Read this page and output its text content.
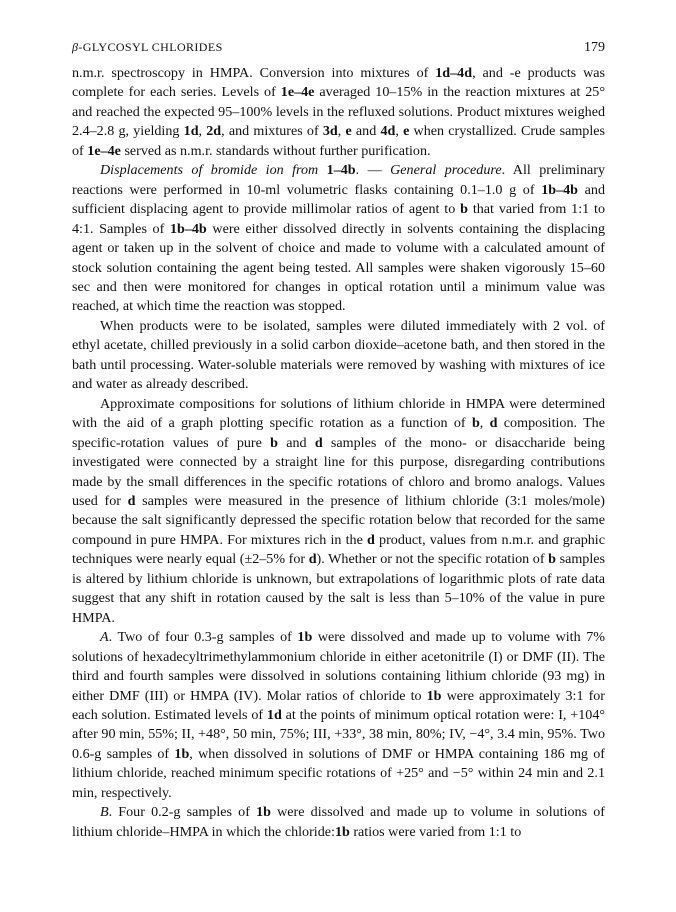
β-GLYCOSYL CHLORIDES	179

n.m.r. spectroscopy in HMPA. Conversion into mixtures of 1d–4d, and -e products was complete for each series. Levels of 1e–4e averaged 10–15% in the reaction mixtures at 25° and reached the expected 95–100% levels in the refluxed solutions. Product mixtures weighed 2.4–2.8 g, yielding 1d, 2d, and mixtures of 3d, e and 4d, e when crystallized. Crude samples of 1e–4e served as n.m.r. standards without further purification.

Displacements of bromide ion from 1–4b. — General procedure. All preliminary reactions were performed in 10-ml volumetric flasks containing 0.1–1.0 g of 1b–4b and sufficient displacing agent to provide millimolar ratios of agent to b that varied from 1:1 to 4:1. Samples of 1b–4b were either dissolved directly in solvents containing the displacing agent or taken up in the solvent of choice and made to volume with a calculated amount of stock solution containing the agent being tested. All samples were shaken vigorously 15–60 sec and then were monitored for changes in optical rotation until a minimum value was reached, at which time the reaction was stopped.

When products were to be isolated, samples were diluted immediately with 2 vol. of ethyl acetate, chilled previously in a solid carbon dioxide–acetone bath, and then stored in the bath until processing. Water-soluble materials were removed by washing with mixtures of ice and water as already described.

Approximate compositions for solutions of lithium chloride in HMPA were determined with the aid of a graph plotting specific rotation as a function of b, d composition. The specific-rotation values of pure b and d samples of the mono- or disaccharide being investigated were connected by a straight line for this purpose, disregarding contributions made by the small differences in the specific rotations of chloro and bromo analogs. Values used for d samples were measured in the presence of lithium chloride (3:1 moles/mole) because the salt significantly depressed the specific rotation below that recorded for the same compound in pure HMPA. For mixtures rich in the d product, values from n.m.r. and graphic techniques were nearly equal (±2–5% for d). Whether or not the specific rotation of b samples is altered by lithium chloride is unknown, but extrapolations of logarithmic plots of rate data suggest that any shift in rotation caused by the salt is less than 5–10% of the value in pure HMPA.

A. Two of four 0.3-g samples of 1b were dissolved and made up to volume with 7% solutions of hexadecyltrimethylammonium chloride in either acetonitrile (I) or DMF (II). The third and fourth samples were dissolved in solutions containing lithium chloride (93 mg) in either DMF (III) or HMPA (IV). Molar ratios of chloride to 1b were approximately 3:1 for each solution. Estimated levels of 1d at the points of minimum optical rotation were: I, +104° after 90 min, 55%; II, +48°, 50 min, 75%; III, +33°, 38 min, 80%; IV, −4°, 3.4 min, 95%. Two 0.6-g samples of 1b, when dissolved in solutions of DMF or HMPA containing 186 mg of lithium chloride, reached minimum specific rotations of +25° and −5° within 24 min and 2.1 min, respectively.

B. Four 0.2-g samples of 1b were dissolved and made up to volume in solutions of lithium chloride–HMPA in which the chloride:1b ratios were varied from 1:1 to
